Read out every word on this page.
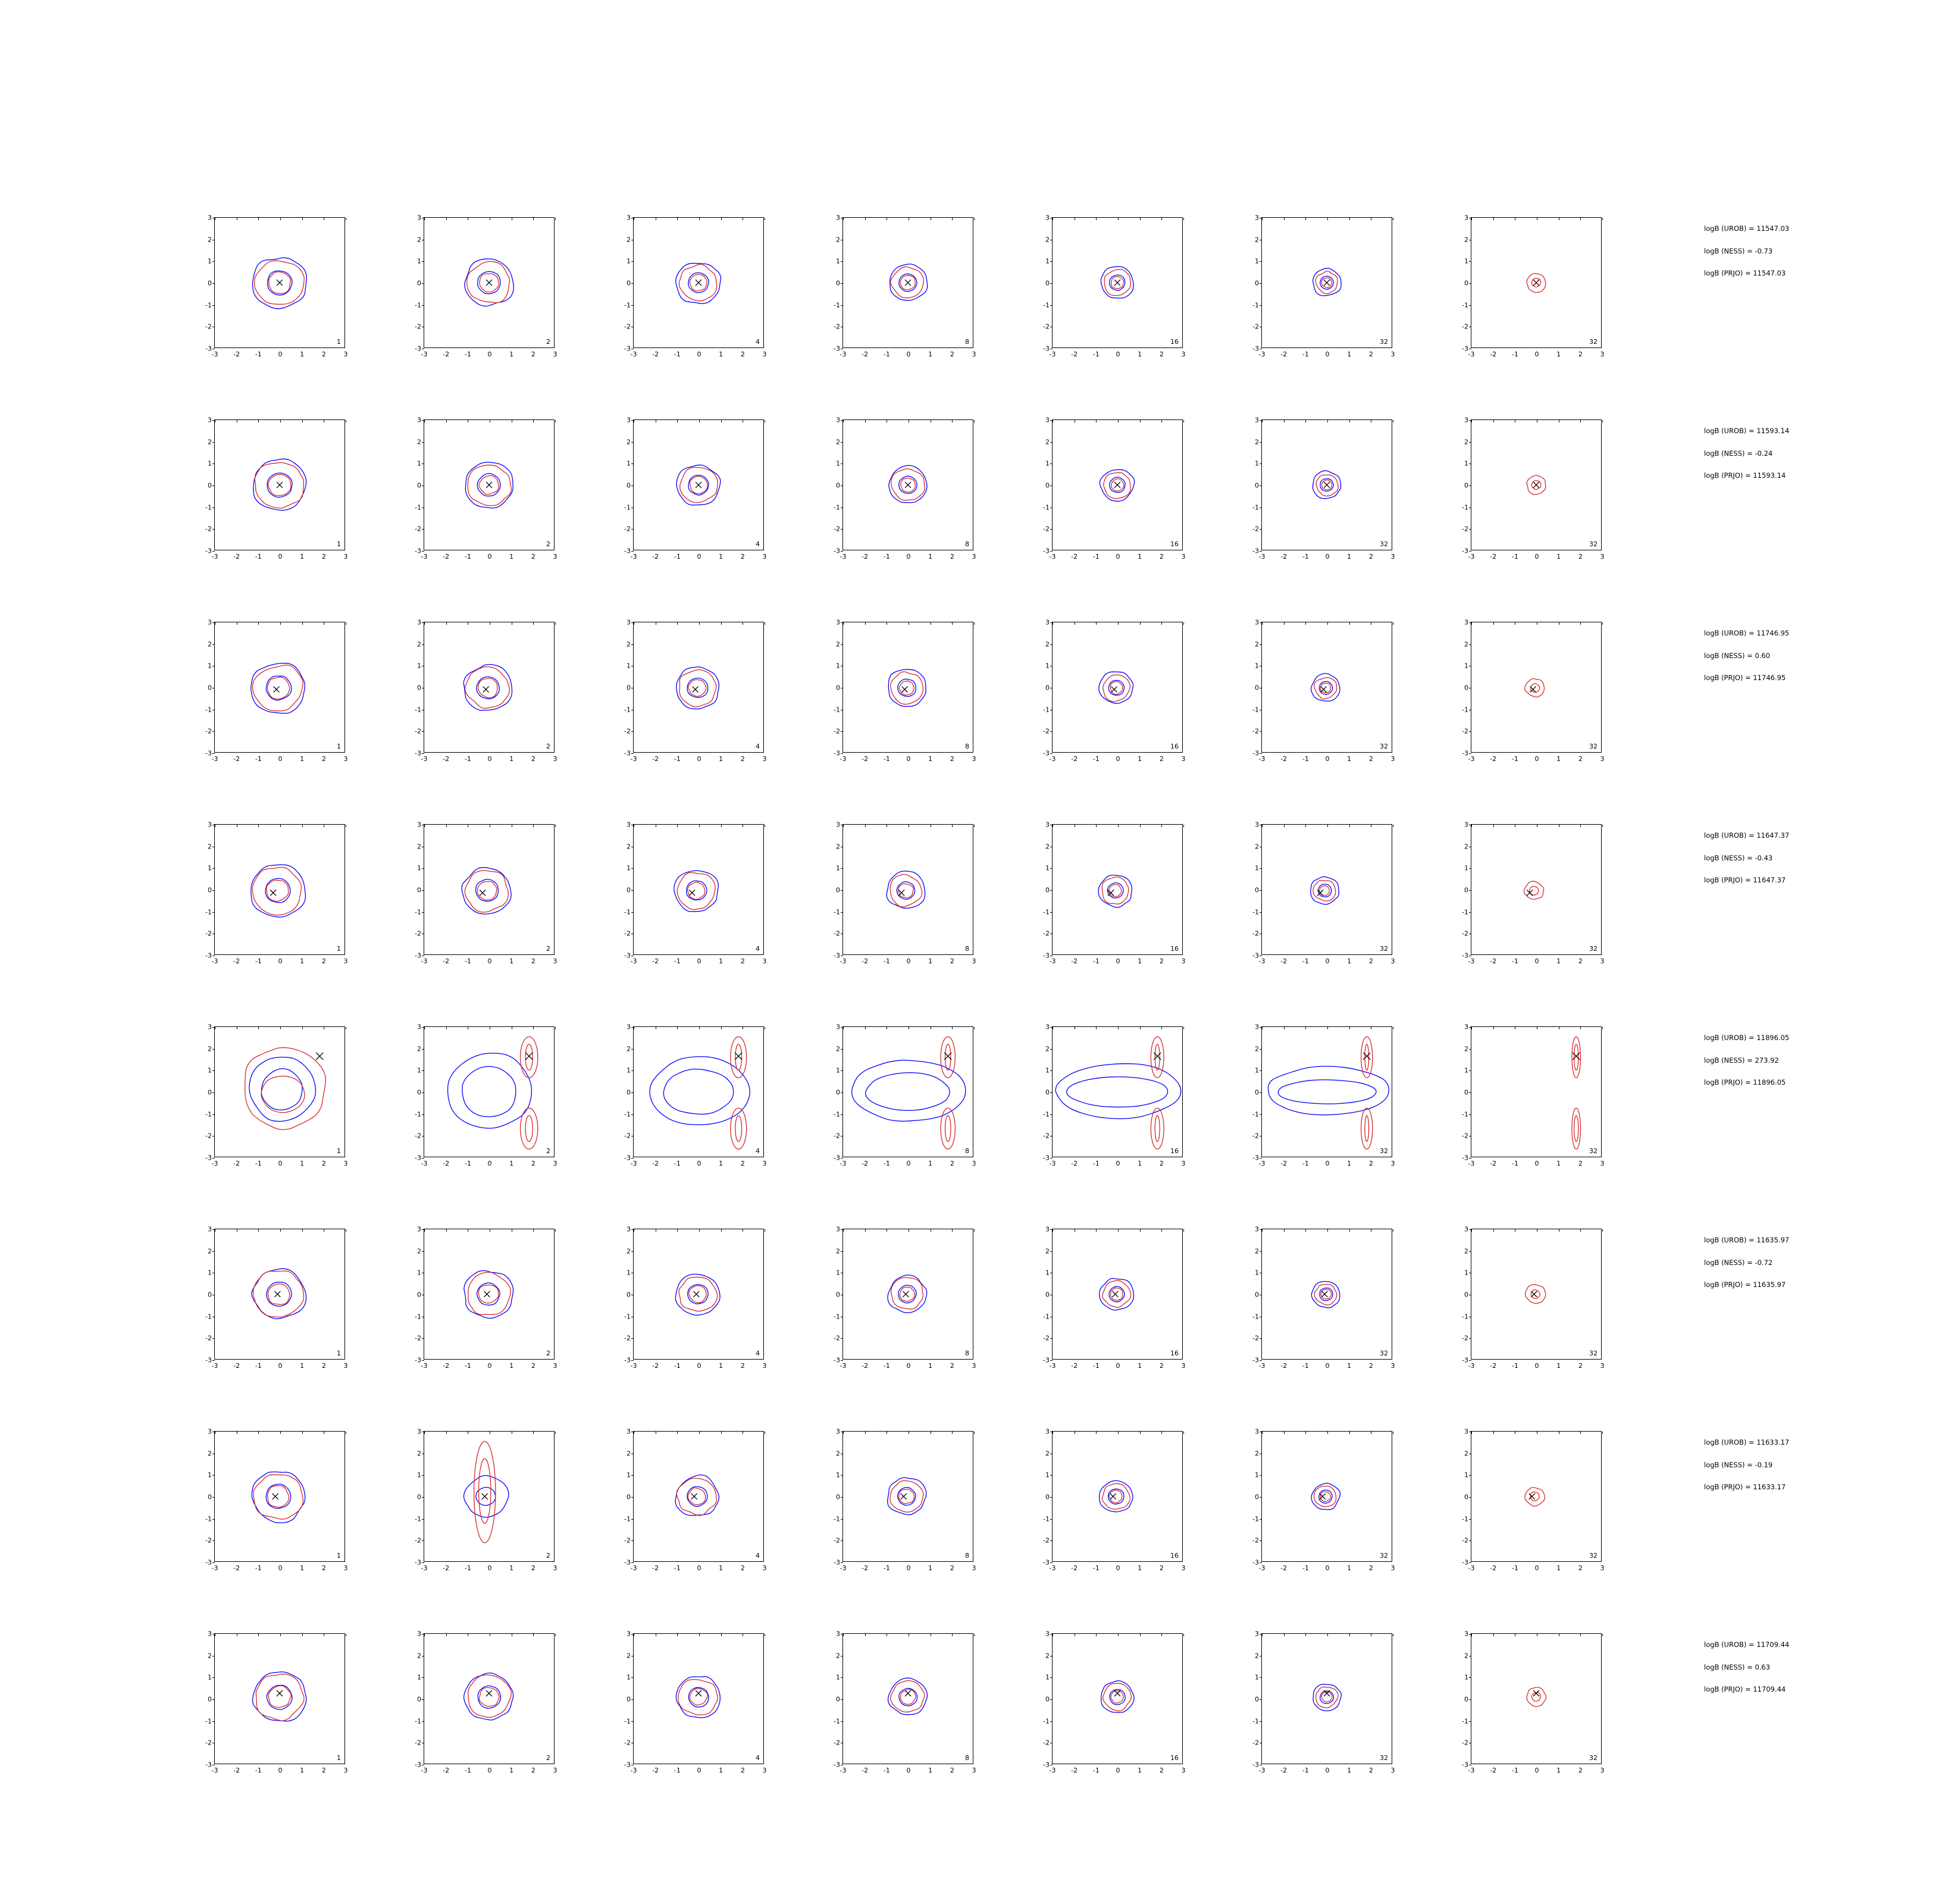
3
2
1
0
-1
-2
-3
-3 -2 -1	0	1	2	3
1
3
2
1
0
-1
-2
-3
-3 -2 -1	0	1	2	3
2
3
2
1
0
-1
-2
-3
-3 -2 -1	0	1	2	3
4
3
2
1
0
-1
-2
-3
-3 -2 -1	0	1	2	3
8
3
2
1
0
-1
-2
-3
-3 -2 -1	0	1	2	3
16
3
2
1
0
-1
-2
-3
-3 -2 -1	0	1	2	3
32
3
2
1
0
-1
-2
-3
-3 -2 -1	0	1	2	3
32
logB (UROB) = 11547.03
logB (NESS) = -0.73
logB (PRJO) = 11547.03
3
2
1
0
-1
-2
-3
-3 -2 -1	0	1	2	3
1
3
2
1
0
-1
-2
-3
-3 -2 -1	0	1	2	3
2
3
2
1
0
-1
-2
-3
-3 -2 -1	0	1	2	3
4
3
2
1
0
-1
-2
-3
-3 -2 -1	0	1	2	3
8
3
2
1
0
-1
-2
-3
-3 -2 -1	0	1	2	3
16
3
2
1
0
-1
-2
-3
-3 -2 -1	0	1	2	3
32
3
2
1
0
-1
-2
-3
-3 -2 -1	0	1	2	3
32
logB (UROB) = 11593.14
logB (NESS) = -0.24
logB (PRJO) = 11593.14
3
2
1
0
-1
-2
-3
-3 -2 -1	0	1	2	3
1
3
2
1
0
-1
-2
-3
-3 -2 -1	0	1	2	3
2
3
2
1
0
-1
-2
-3
-3 -2 -1	0	1	2	3
4
3
2
1
0
-1
-2
-3
-3 -2 -1	0	1	2	3
8
3
2
1
0
-1
-2
-3
-3 -2 -1	0	1	2	3
16
3
2
1
0
-1
-2
-3
-3 -2 -1	0	1	2	3
32
3
2
1
0
-1
-2
-3
-3 -2 -1	0	1	2	3
32
logB (UROB) = 11746.95
logB (NESS) = 0.60
logB (PRJO) = 11746.95
3
2
1
0
-1
-2
-3
-3 -2 -1	0	1	2	3
1
3
2
1
0
-1
-2
-3
-3 -2 -1	0	1	2	3
2
3
2
1
0
-1
-2
-3
-3 -2 -1	0	1	2	3
4
3
2
1
0
-1
-2
-3
-3 -2 -1	0	1	2	3
8
3
2
1
0
-1
-2
-3
-3 -2 -1	0	1	2	3
16
3
2
1
0
-1
-2
-3
-3 -2 -1	0	1	2	3
32
3
2
1
0
-1
-2
-3
-3 -2 -1	0	1	2	3
32
logB (UROB) = 11647.37
logB (NESS) = -0.43
logB (PRJO) = 11647.37
3
2
1
0
-1
-2
-3
-3 -2 -1	0	1	2	3
1
3
2
1
0
-1
-2
-3
-3 -2 -1	0	1	2	3
2
3
2
1
0
-1
-2
-3
-3 -2 -1	0	1	2	3
4
3
2
1
0
-1
-2
-3
-3 -2 -1	0	1	2	3
8
3
2
1
0
-1
-2
-3
-3 -2 -1	0	1	2	3
16
3
2
1
0
-1
-2
-3
-3 -2 -1	0	1	2	3
32
3
2
1
0
-1
-2
-3
-3 -2 -1	0	1	2	3
32
logB (UROB) = 11896.05
logB (NESS) = 273.92
logB (PRJO) = 11896.05
3
2
1
0
-1
-2
-3
-3 -2 -1	0	1	2	3
1
3
2
1
0
-1
-2
-3
-3 -2 -1	0	1	2	3
2
3
2
1
0
-1
-2
-3
-3 -2 -1	0	1	2	3
4
3
2
1
0
-1
-2
-3
-3 -2 -1	0	1	2	3
8
3
2
1
0
-1
-2
-3
-3 -2 -1	0	1	2	3
16
3
2
1
0
-1
-2
-3
-3 -2 -1	0	1	2	3
32
3
2
1
0
-1
-2
-3
-3 -2 -1	0	1	2	3
32
logB (UROB) = 11635.97
logB (NESS) = -0.72
logB (PRJO) = 11635.97
3
2
1
0
-1
-2
-3
-3 -2 -1	0	1	2	3
1
3
2
1
0
-1
-2
-3
-3 -2 -1	0	1	2	3
2
3
2
1
0
-1
-2
-3
-3 -2 -1	0	1	2	3
4
3
2
1
0
-1
-2
-3
-3 -2 -1	0	1	2	3
8
3
2
1
0
-1
-2
-3
-3 -2 -1	0	1	2	3
16
3
2
1
0
-1
-2
-3
-3 -2 -1	0	1	2	3
32
3
2
1
0
-1
-2
-3
-3 -2 -1	0	1	2	3
32
logB (UROB) = 11633.17
logB (NESS) = -0.19
logB (PRJO) = 11633.17
3
2
1
0
-1
-2
-3
-3 -2 -1	0	1	2	3
1
3
2
1
0
-1
-2
-3
-3 -2 -1	0	1	2	3
2
3
2
1
0
-1
-2
-3
-3 -2 -1	0	1	2	3
4
3
2
1
0
-1
-2
-3
-3 -2 -1	0	1	2	3
8
3
2
1
0
-1
-2
-3
-3 -2 -1	0	1	2	3
16
3
2
1
0
-1
-2
-3
-3 -2 -1	0	1	2	3
32
3
2
1
0
-1
-2
-3
-3 -2 -1	0	1	2	3
32
logB (UROB) = 11709.44
logB (NESS) = 0.63
logB (PRJO) = 11709.44
